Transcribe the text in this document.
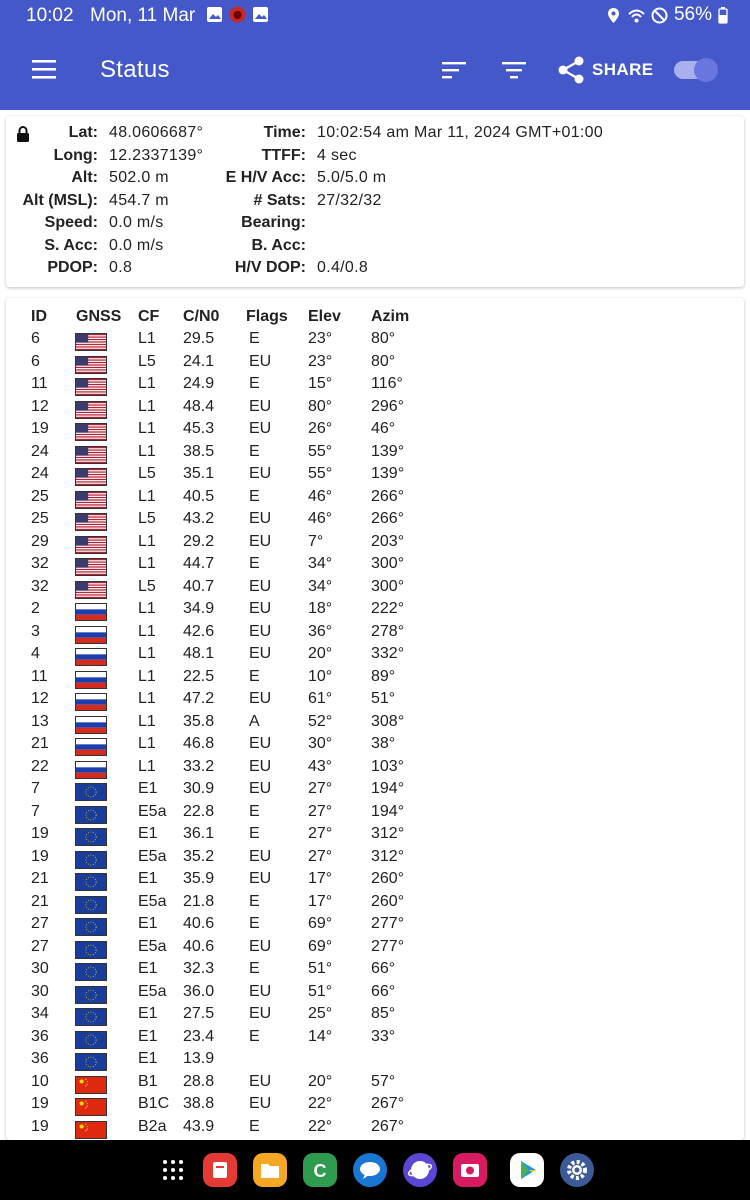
10:02 Mon, 11 Mar	56%
Status	SHARE
Lat: 48.0606687°	Time: 10:02:54 am Mar 11, 2024 GMT+01:00
Long: 12.2337139°	TTFF: 4 sec
Alt: 502.0 m	E H/V Acc: 5.0/5.0 m
Alt (MSL): 454.7 m	# Sats: 27/32/32
Speed: 0.0 m/s	Bearing:
S. Acc: 0.0 m/s	B. Acc:
PDOP: 0.8	H/V DOP: 0.4/0.8
ID GNSS CF C/N0 Flags Elev Azim
6	L1 29.5 E	23° 80°
6	L5 24.1 EU 23° 80°
11	L1 24.9 E	15° 116°
12	L1 48.4 EU 80° 296°
19	L1 45.3 EU 26° 46°
24	L1 38.5 E	55° 139°
24	L5 35.1 EU 55° 139°
25	L1 40.5 E	46° 266°
25	L5 43.2 EU 46° 266°
29	L1 29.2 EU 7°	203°
32	L1 44.7 E	34° 300°
32	L5 40.7 EU 34° 300°
2	L1 34.9 EU 18° 222°
3	L1 42.6 EU 36° 278°
4	L1 48.1 EU 20° 332°
11	L1 22.5 E	10° 89°
12	L1 47.2 EU 61° 51°
13	L1 35.8 A	52° 308°
21	L1 46.8 EU 30° 38°
22	L1 33.2 EU 43° 103°
7	E1 30.9 EU 27° 194°
7	E5a 22.8 E	27° 194°
19	E1 36.1 E	27° 312°
19	E5a 35.2 EU 27° 312°
21	E1 35.9 EU 17° 260°
21	E5a 21.8 E	17° 260°
27	E1 40.6 E	69° 277°
27	E5a 40.6 EU 69° 277°
30	E1 32.3 E	51° 66°
30	E5a 36.0 EU 51° 66°
34	E1 27.5 EU 25° 85°
36	E1 23.4 E	14° 33°
36	E1 13.9
10	B1 28.8 EU 20° 57°
19	B1C 38.8 EU 22° 267°
19	B2a 43.9 E	22° 267°
C
